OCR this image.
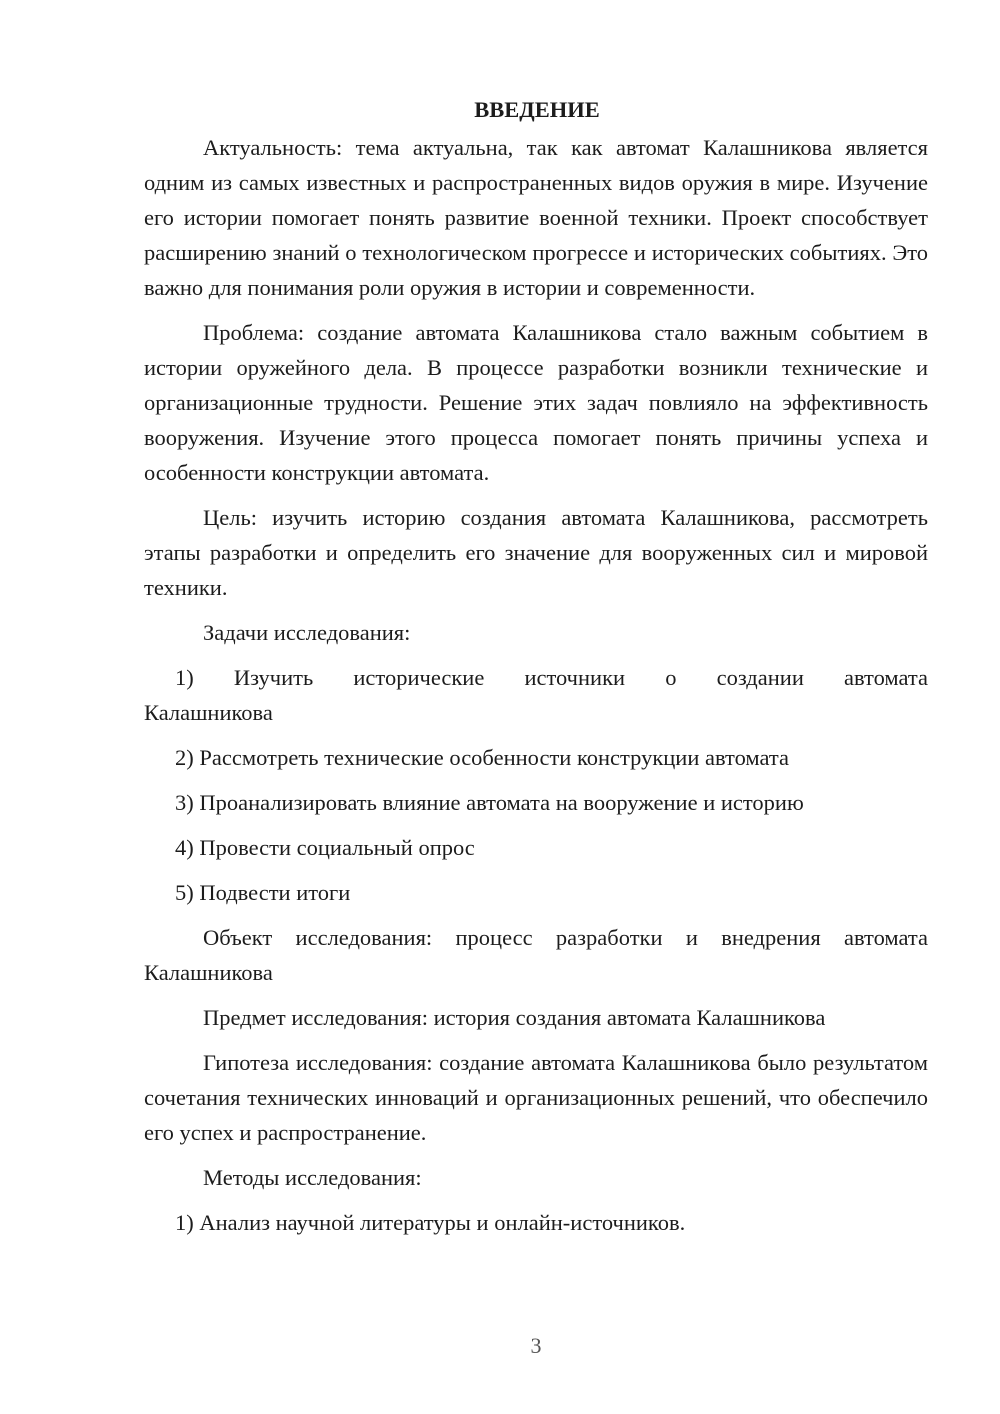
ВВЕДЕНИЕ

Актуальность: тема актуальна, так как автомат Калашникова является одним из самых известных и распространенных видов оружия в мире. Изучение его истории помогает понять развитие военной техники. Проект способствует расширению знаний о технологическом прогрессе и исторических событиях. Это важно для понимания роли оружия в истории и современности.

Проблема: создание автомата Калашникова стало важным событием в истории оружейного дела. В процессе разработки возникли технические и организационные трудности. Решение этих задач повлияло на эффективность вооружения. Изучение этого процесса помогает понять причины успеха и особенности конструкции автомата.

Цель: изучить историю создания автомата Калашникова, рассмотреть этапы разработки и определить его значение для вооруженных сил и мировой техники.

Задачи исследования:

1) Изучить исторические источники о создании автомата
Калашникова

2) Рассмотреть технические особенности конструкции автомата

3) Проанализировать влияние автомата на вооружение и историю

4) Провести социальный опрос

5) Подвести итоги

Объект исследования: процесс разработки и внедрения автомата Калашникова

Предмет исследования: история создания автомата Калашникова

Гипотеза исследования: создание автомата Калашникова было результатом сочетания технических инноваций и организационных решений, что обеспечило его успех и распространение.

Методы исследования:

1) Анализ научной литературы и онлайн-источников.

3
